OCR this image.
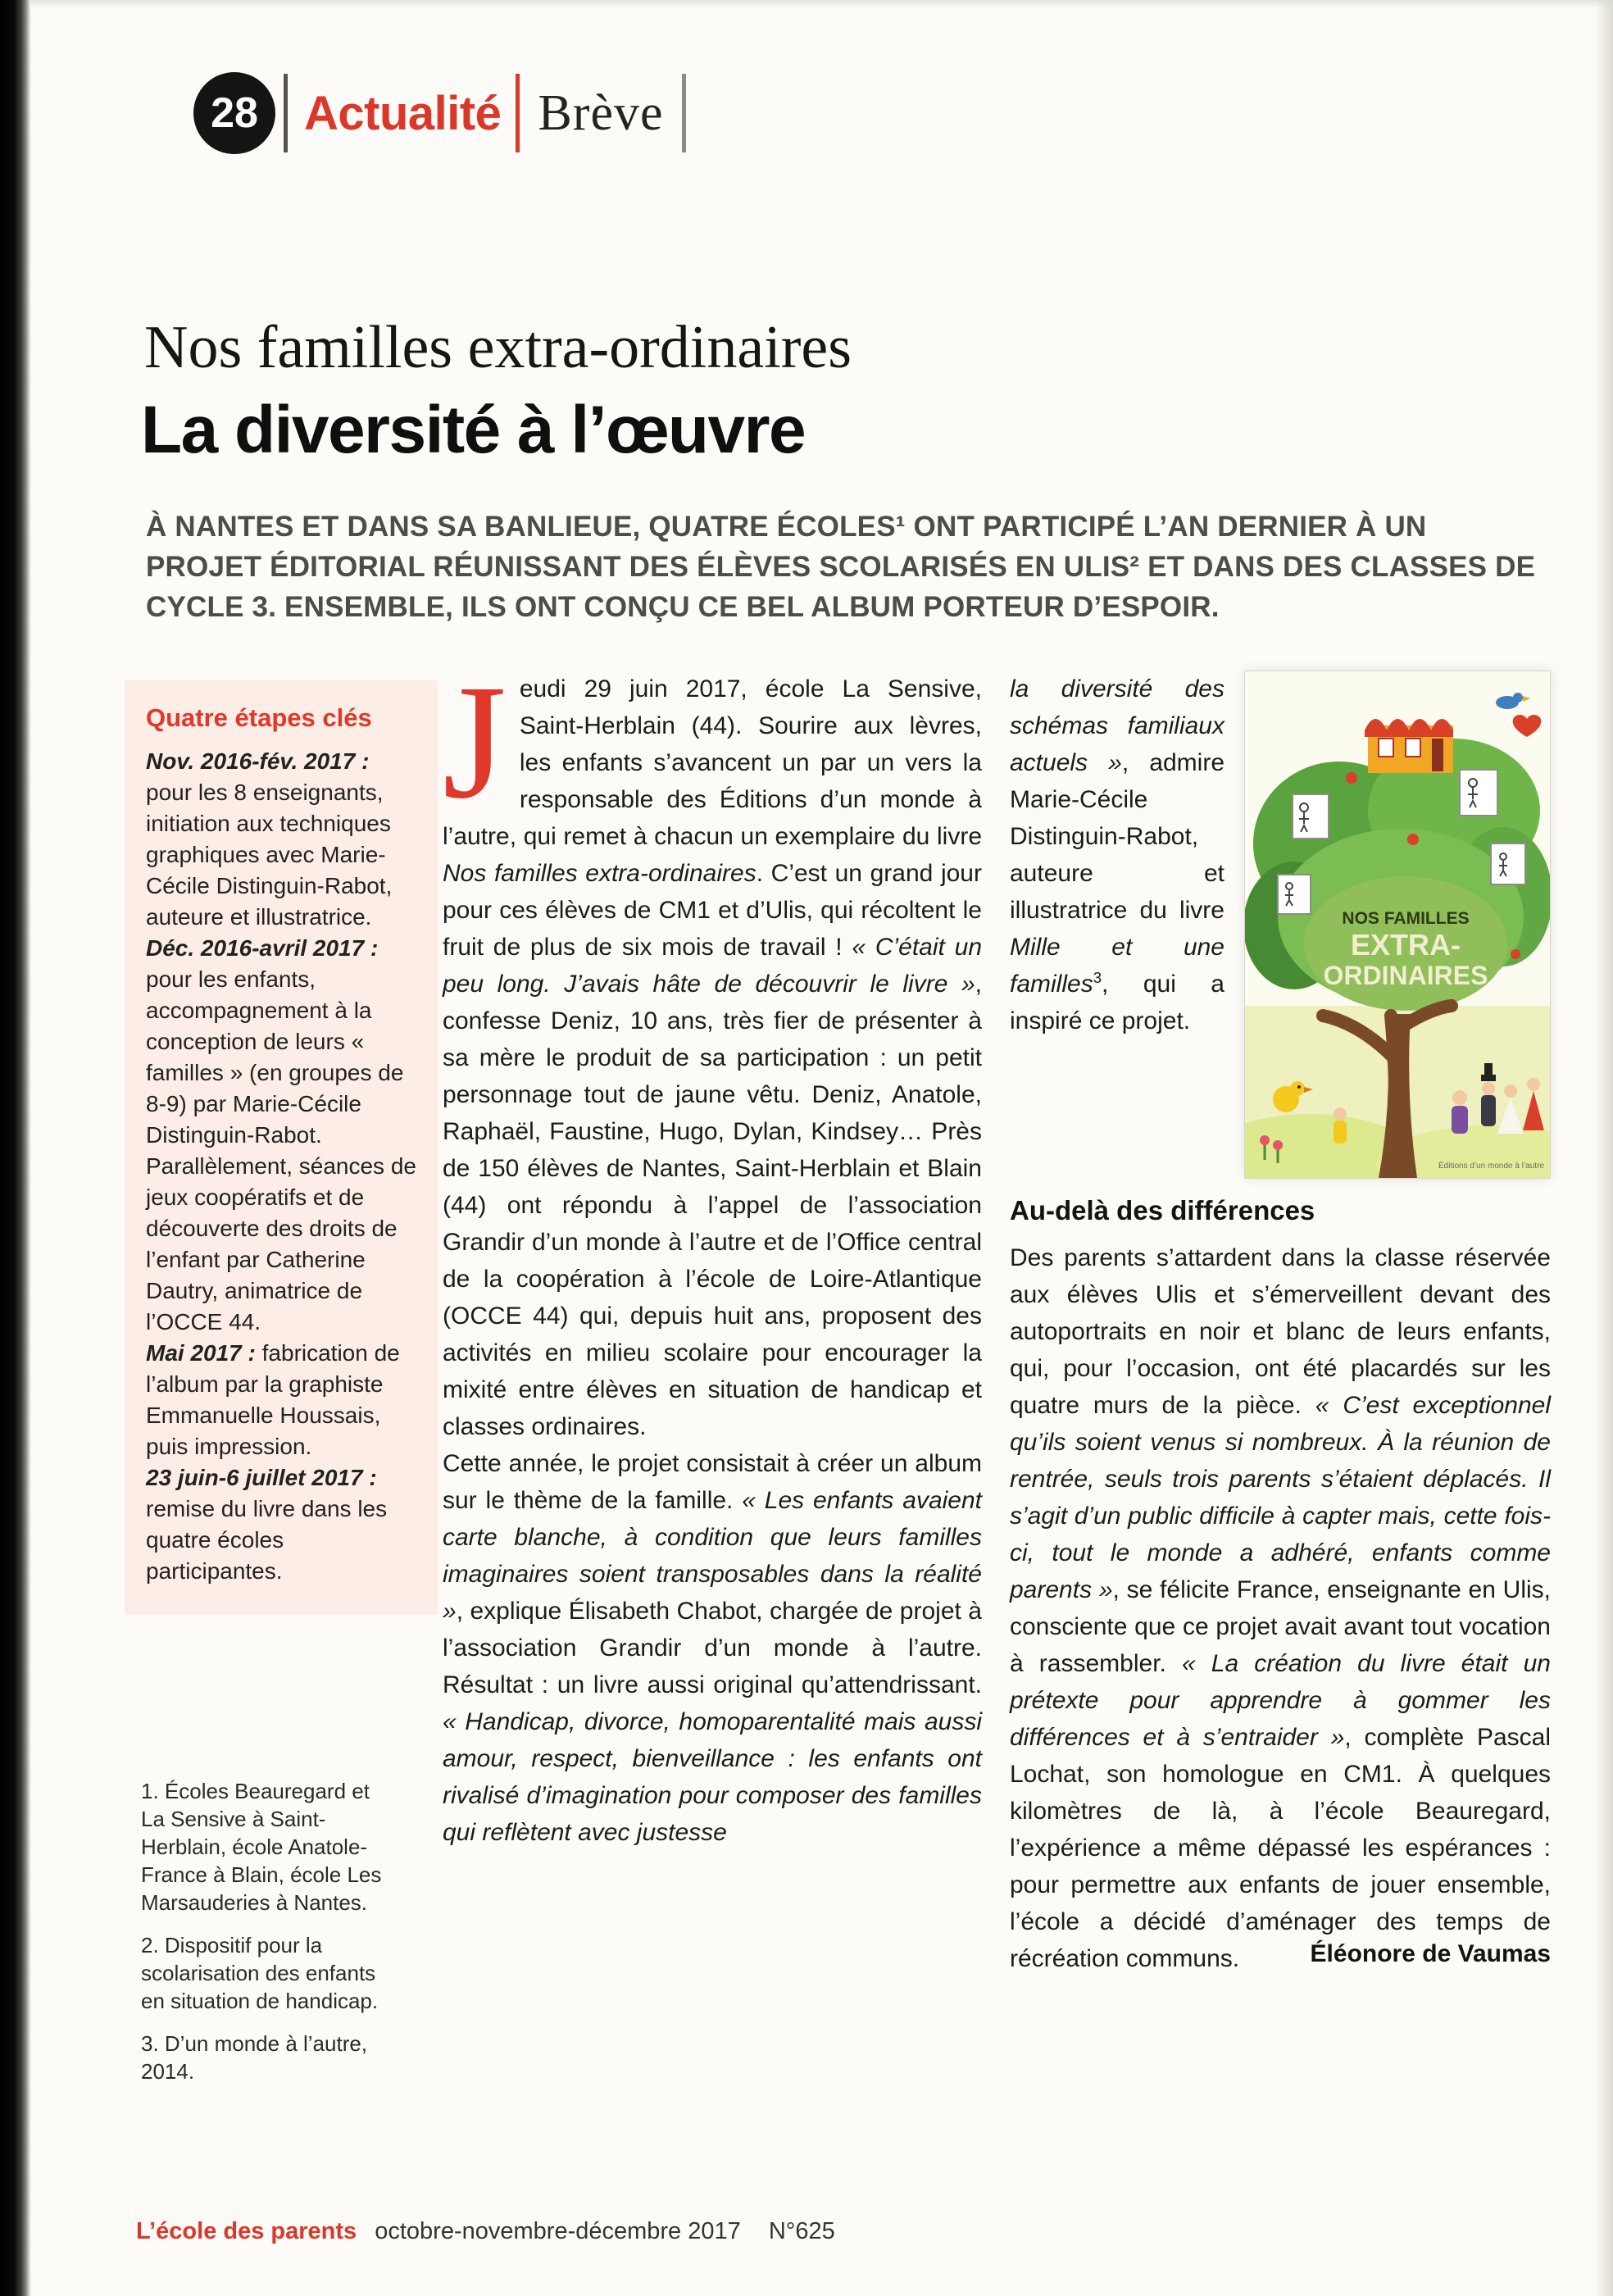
28 Actualité Brève
Nos familles extra-ordinaires
La diversité à l’œuvre

À NANTES ET DANS SA BANLIEUE, QUATRE ÉCOLES¹ ONT PARTICIPÉ L’AN DERNIER À UN PROJET ÉDITORIAL RÉUNISSANT DES ÉLÈVES SCOLARISÉS EN ULIS² ET DANS DES CLASSES DE CYCLE 3. ENSEMBLE, ILS ONT CONÇU CE BEL ALBUM PORTEUR D’ESPOIR.

Quatre étapes clés

Nov. 2016-fév. 2017 : pour les 8 enseignants, initiation aux techniques graphiques avec Marie-Cécile Distinguin-Rabot, auteure et illustratrice.

Déc. 2016-avril 2017 : pour les enfants, accompagnement à la conception de leurs « familles » (en groupes de 8-9) par Marie-Cécile Distinguin-Rabot. Parallèlement, séances de jeux coopératifs et de découverte des droits de l’enfant par Catherine Dautry, animatrice de l’OCCE 44.

Mai 2017 : fabrication de l’album par la graphiste Emmanuelle Houssais, puis impression.

23 juin-6 juillet 2017 : remise du livre dans les quatre écoles participantes.

1. Écoles Beauregard et La Sensive à Saint-Herblain, école Anatole-France à Blain, école Les Marsauderies à Nantes.

2. Dispositif pour la scolarisation des enfants en situation de handicap.

3. D’un monde à l’autre, 2014.

Jeudi 29 juin 2017, école La Sensive, Saint-Herblain (44). Sourire aux lèvres, les enfants s’avancent un par un vers la responsable des Éditions d’un monde à l’autre, qui remet à chacun un exemplaire du livre Nos familles extra-ordinaires. C’est un grand jour pour ces élèves de CM1 et d’Ulis, qui récoltent le fruit de plus de six mois de travail ! « C’était un peu long. J’avais hâte de découvrir le livre », confesse Deniz, 10 ans, très fier de présenter à sa mère le produit de sa participation : un petit personnage tout de jaune vêtu. Deniz, Anatole, Raphaël, Faustine, Hugo, Dylan, Kindsey… Près de 150 élèves de Nantes, Saint-Herblain et Blain (44) ont répondu à l’appel de l’association Grandir d’un monde à l’autre et de l’Office central de la coopération à l’école de Loire-Atlantique (OCCE 44) qui, depuis huit ans, proposent des activités en milieu scolaire pour encourager la mixité entre élèves en situation de handicap et classes ordinaires.

Cette année, le projet consistait à créer un album sur le thème de la famille. « Les enfants avaient carte blanche, à condition que leurs familles imaginaires soient transposables dans la réalité », explique Élisabeth Chabot, chargée de projet à l’association Grandir d’un monde à l’autre. Résultat : un livre aussi original qu’attendrissant. « Handicap, divorce, homoparentalité mais aussi amour, respect, bienveillance : les enfants ont rivalisé d’imagination pour composer des familles qui reflètent avec justesse

NOS FAMILLES
EXTRA-
ORDINAIRES
Éditions d’un monde à l’autre

la diversité des schémas familiaux actuels », admire Marie-Cécile Distinguin-Rabot, auteure et illustratrice du livre Mille et une familles$^3$, qui a inspiré ce projet.

Au-delà des différences

Des parents s’attardent dans la classe réservée aux élèves Ulis et s’émerveillent devant des autoportraits en noir et blanc de leurs enfants, qui, pour l’occasion, ont été placardés sur les quatre murs de la pièce. « C’est exceptionnel qu’ils soient venus si nombreux. À la réunion de rentrée, seuls trois parents s’étaient déplacés. Il s’agit d’un public difficile à capter mais, cette fois-ci, tout le monde a adhéré, enfants comme parents », se félicite France, enseignante en Ulis, consciente que ce projet avait avant tout vocation à rassembler. « La création du livre était un prétexte pour apprendre à gommer les différences et à s’entraider », complète Pascal Lochat, son homologue en CM1. À quelques kilomètres de là, à l’école Beauregard, l’expérience a même dépassé les espérances : pour permettre aux enfants de jouer ensemble, l’école a décidé d’aménager des temps de récréation communs.	Éléonore de Vaumas
L’école des parents octobre-novembre-décembre 2017 N°625
